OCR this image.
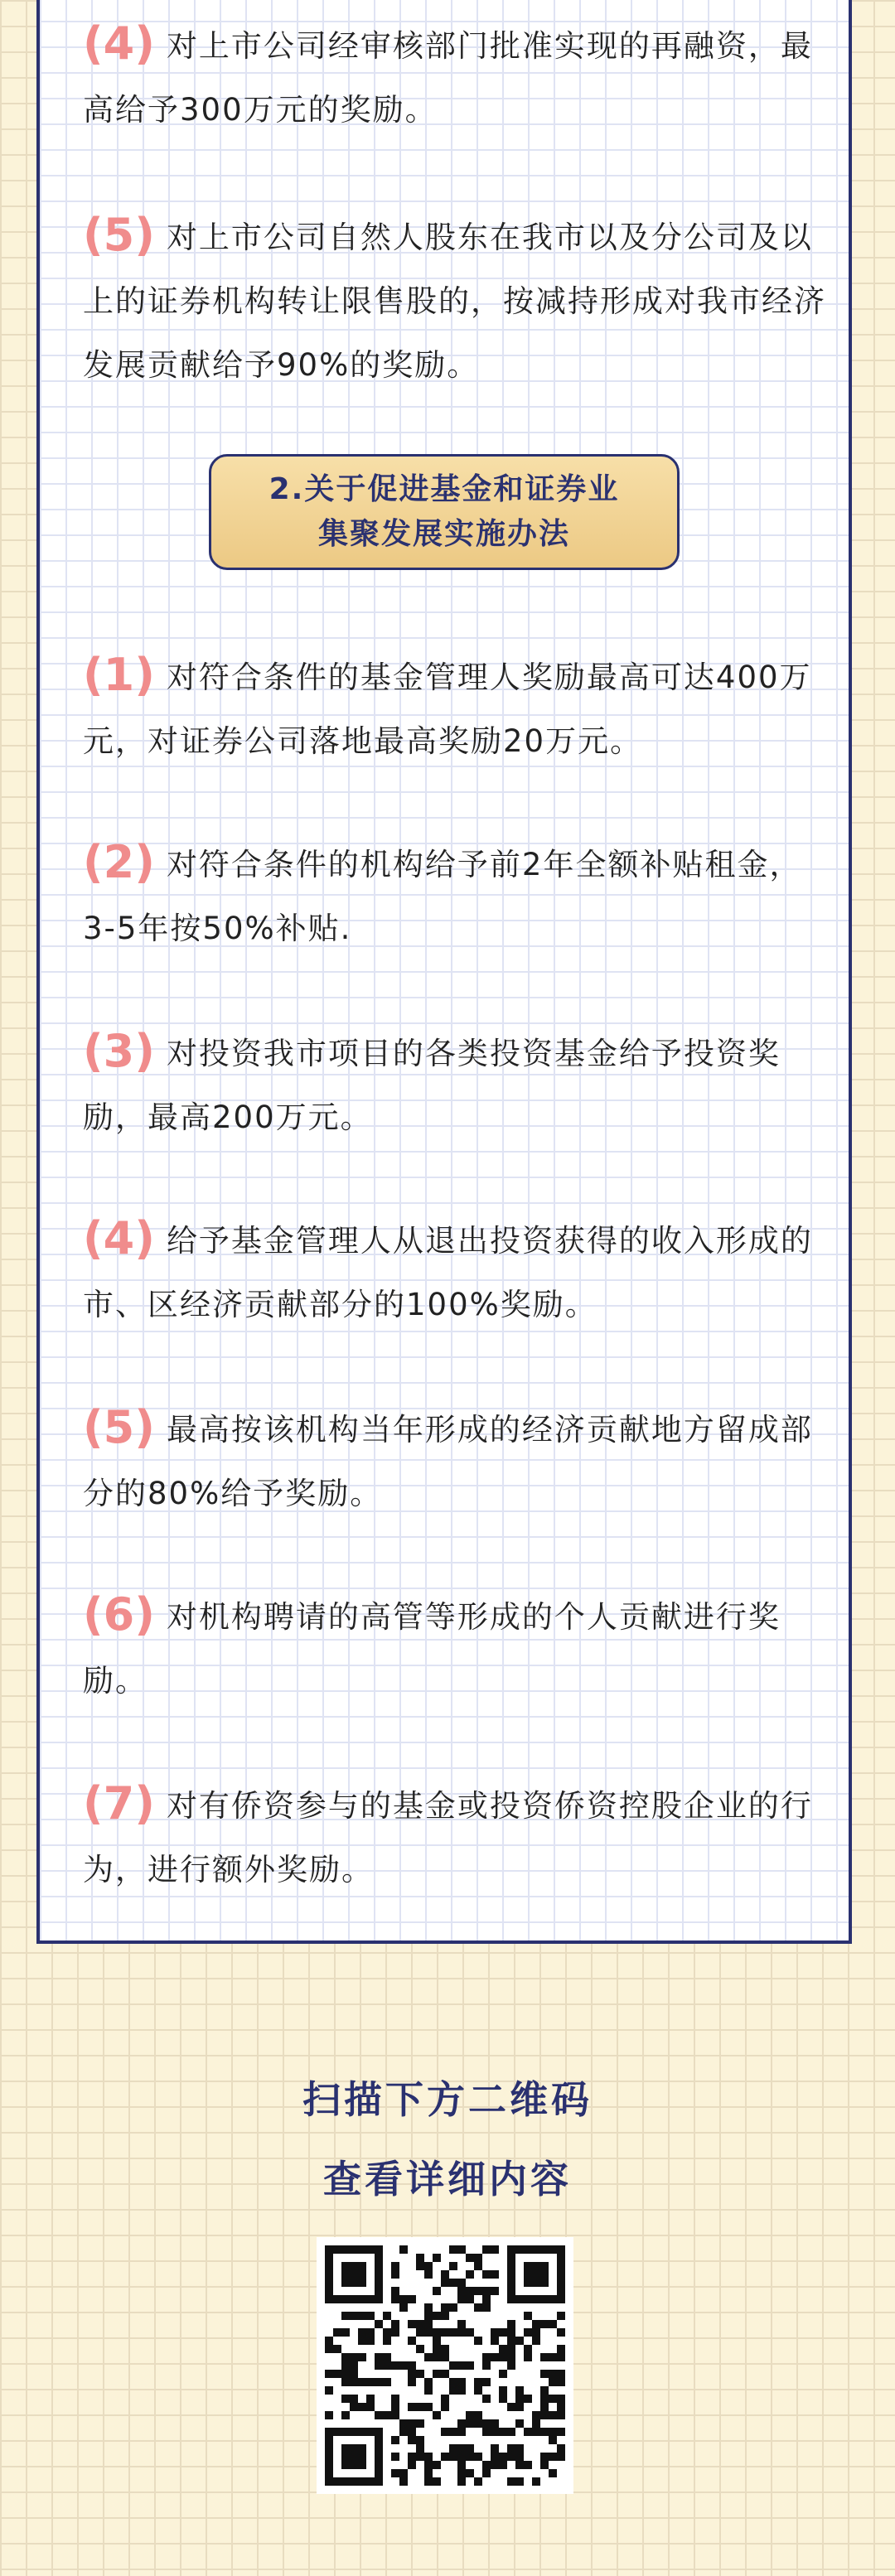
(4) 对上市公司经审核部门批准实现的再融资，最高给予300万元的奖励。
(5) 对上市公司自然人股东在我市以及分公司及以上的证券机构转让限售股的，按减持形成对我市经济发展贡献给予90%的奖励。
2.关于促进基金和证券业
集聚发展实施办法
(1) 对符合条件的基金管理人奖励最高可达400万元，对证券公司落地最高奖励20万元。
(2) 对符合条件的机构给予前2年全额补贴租金，3-5年按50%补贴.
(3) 对投资我市项目的各类投资基金给予投资奖励，最高200万元。
(4) 给予基金管理人从退出投资获得的收入形成的市、区经济贡献部分的100%奖励。
(5) 最高按该机构当年形成的经济贡献地方留成部分的80%给予奖励。
(6) 对机构聘请的高管等形成的个人贡献进行奖励。
(7) 对有侨资参与的基金或投资侨资控股企业的行为，进行额外奖励。
扫描下方二维码
查看详细内容
